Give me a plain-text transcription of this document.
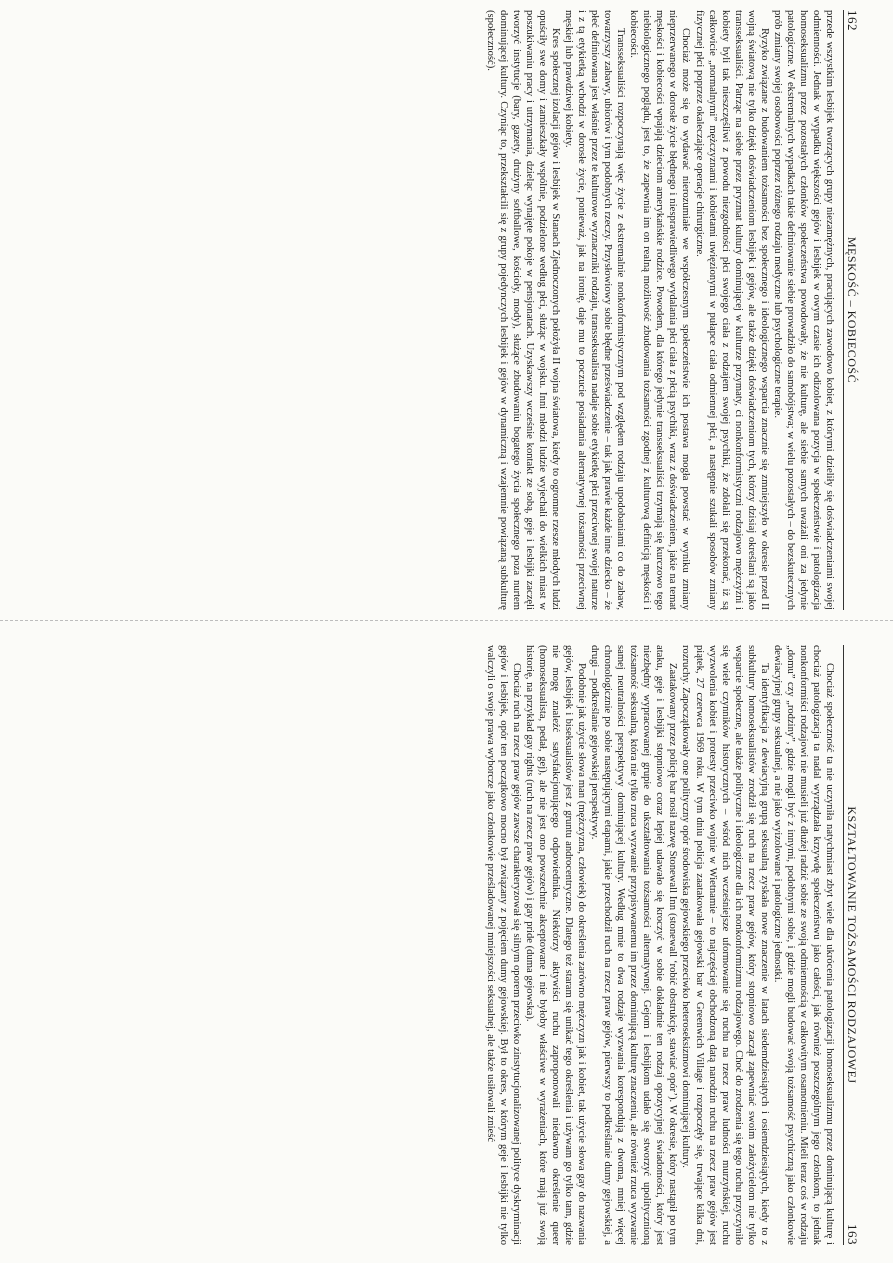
162
MĘSKOŚĆ – KOBIECOŚĆ

przede wszystkim lesbijek tworzących grupy niezamężnych, pracujących zawodowo kobiet, z którymi dzieliły się doświadczeniami swojej odmienności. Jednak w wypadku większości gejów i lesbijek w owym czasie ich odizolowana pozycja w społeczeństwie i patologizacja homoseksualizmu przez pozostałych członków społeczeństwa powodowały, że nie kulturę, ale siebie samych uważali oni za jedynie patologiczne. W ekstremalnych wypadkach takie definiowanie siebie prowadziło do samobójstwa; w wielu pozostałych – do bezskutecznych prób zmiany swojej osobowości poprzez różnego rodzaju medyczne lub psychologiczne terapie.

Ryzyko związane z budowaniem tożsamości bez społecznego i ideologicznego wsparcia znacznie się zmniejszyło w okresie przed II wojną światową nie tylko dzięki doświadczeniom lesbijek i gejów, ale także dzięki doświadczeniom tych, którzy dzisiaj określani są jako transseksualiści. Patrząc na siebie przez pryzmat kultury dominującej w kulturze przymaty, ci nonkonformistyczni rodzajowo mężczyźni i kobiety byli tak nieszczęśliwi z powodu niezgodności płci swojego ciała z rodzajem swojej psychiki, że zdołali się przekonać, iż są całkowicie „normalnymi” mężczyznami i kobietami uwięzionymi w pułapce ciała odmiennej płci, a następnie szukali sposobów zmiany fizycznej płci poprzez okaleczające operacje chirurgiczne.

Chociaż może się to wydawać nierozumiałe we współczesnym społeczeństwie ich postawa mogła powstać w wyniku zmiany nieprzerwanego w dorosłe życie błędnego i niesprawiedliwego wydalania płci ciała z płcią psychiki, wraz z doświadczeniem, jakie na temat męskości i kobiecości wpajają dzieciom amerykańskie rodzice. Powodem, dla którego jedynie transseksualiści trzymają się kurczowo tego niebiologicznego poglądu, jest to, że zapewnia im on realną możliwość zbudowania tożsamości zgodnej z kulturową definicją męskości i kobiecości.

Transseksualiści rozpoczynają więc życie z ekstremalnie nonkonformistycznym pod względem rodzaju upodobaniami co do zabaw, towarzyszy zabawy, ubiorów i tym podobnych rzeczy. Przysłowiowy sobie błędne przeświadczenie – tak jak prawie każde inne dziecko – że płeć definiowana jest właśnie przez te kulturowe wyznaczniki rodzaju, transseksualista nadaje sobie etykietkę płci przeciwnej swojej naturze i z tą etykietką wchodzi w dorosłe życie, ponieważ, jak na ironię, daje mu to poczucie posiadania alternatywnej tożsamości przeciwnej męskiej lub prawdziwej kobiety.

Kres społecznej izolacji gejów i lesbijek w Stanach Zjednoczonych położyła II wojna światowa, kiedy to ogromne rzesze młodych ludzi opuściły swe domy i zamieszkały wspólnie, podzielone według płci, służąc w wojsku. Inni młodzi ludzie wyjechali do wielkich miast w poszukiwaniu pracy i utrzymania, dzieląc wynajęte pokoje w pensjonatach. Uzyskawszy wcześnie kontakt ze sobą, geje i lesbijki zaczęli tworzyć instytucje (bary, gazety, drużyny softballowe, kościoły, mody), służące zbudowaniu bogatego życia społecznego poza nurtem dominującej kultury. Czyniąc to, przekształcili się z grupy pojedynczych lesbijek i gejów w dynamiczną i wzajemnie powiązaną subkulturę (społeczność).

KSZTAŁTOWANIE TOŻSAMOŚCI RODZAJOWEJ
163

Chociaż społeczność ta nie uczyniła natychmiast zbyt wiele dla ukrócenia patologizacji homoseksualizmu przez dominującą kulturę i chociaż patologizacja ta nadal wyrządzała krzywdę społeczeństwu jako całości, jak również poszczególnym jego członkom, to jednak nonkonformiści rodzajowi nie musieli już dłużej radzić sobie ze swoją odmiennością w całkowitym osamotnieniu. Mieli teraz coś w rodzaju „domu” czy „rodziny”, gdzie mogli być z innymi, podobnymi sobie, i gdzie mogli budować swoją tożsamość psychiczną jako członkowie dewiacyjnej grupy seksualnej, a nie jako wyizolowane i patologiczne jednostki.

Ta identyfikacja z dewiacyjną grupą seksualną zyskała nowe znaczenie w latach siedemdziesiątych i osiemdziesiątych, kiedy to z subkultury homoseksualistów zrodził się ruch na rzecz praw gejów, który stopniowo zaczął zapewniać swoim założycielom nie tylko wsparcie społeczne, ale także polityczne i ideologiczne dla ich nonkonformizmu rodzajowego. Choć do zrodzenia się tego ruchu przyczyniło się wiele czynników historycznych – wśród nich wcześniejsze uformowanie się ruchu na rzecz praw ludności murzyńskiej, ruchu wyzwolenia kobiet i protesty przeciwko wojnie w Wietnamie – to najczęściej obchodzoną datą narodzin ruchu na rzecz praw gejów jest piątek, 27 czerwca 1969 roku. W tym dniu policja zaatakowała gejowski bar w Greenwich Village i rozpoczęły się, trwające kilka dni, rozruchy. Zapoczątkowały one polityczny opór środowiska gejowskiego przeciwko heteroseksizmowi dominującej kultury.

Zaatakowany przez policję bar nosił nazwę Stonewall Inn (stonewall ‘robić obstrukcję, stawiać opór’). W okresie, który nastąpił po tym ataku, geje i lesbijki stopniowo coraz lepiej udawało się kroczyć w sobie dokładnie ten rodzaj opozycyjnej świadomości, który jest niezbędny wypracowanej grupie do ukształtowania tożsamości alternatywnej. Gejom i lesbijkom udało się stworzyć upolitycznioną tożsamość seksualną, która nie tylko rzuca wyzwanie przypisywanemu im przez dominującą kulturę znaczeniu, ale również rzuca wyzwanie samej neutralności perspektywy dominującej kultury. Według mnie to dwa rodzaje wyzwania korespondują z dwoma, mniej więcej chronologicznie po sobie następującymi etapami, jakie przechodził ruch na rzecz praw gejów, pierwszy to podkreślanie dumy gejowskiej, a drugi – podkreślanie gejowskiej perspektywy.

Podobnie jak użycie słowa man (mężczyzna, człowiek) do określenia zarówno mężczyzn jak i kobiet, tak użycie słowa gay do nazwania gejów, lesbijek i biseksualistów jest z gruntu androcentryczne. Dlatego też staram się unikać tego określenia i używam go tylko tam, gdzie nie mogę znaleźć satysfakcjonującego odpowiednika. Niektórzy aktywiści ruchu zaproponowali niedawno określenie queer (homoseksualista, pedał, gej), ale nie jest ono powszechnie akceptowane i nie byłoby właściwe w wyrażeniach, które mają już swoją historię, na przykład gay rights (ruch na rzecz praw gejów) i gay pride (duma gejowska).

Chociaż ruch na rzecz praw gejów zawsze charakteryzował się silnym oporem przeciwko zinstytucjonalizowanej polityce dyskryminacji gejów i lesbijek, opór ten początkowo mocno był związany z pojęciem dumy gejowskiej. Był to okres, w którym geje i lesbijki nie tylko walczyli o swoje prawa wyborcze jako członkowie prześladowanej mniejszości seksualnej, ale także usiłowali znieść
